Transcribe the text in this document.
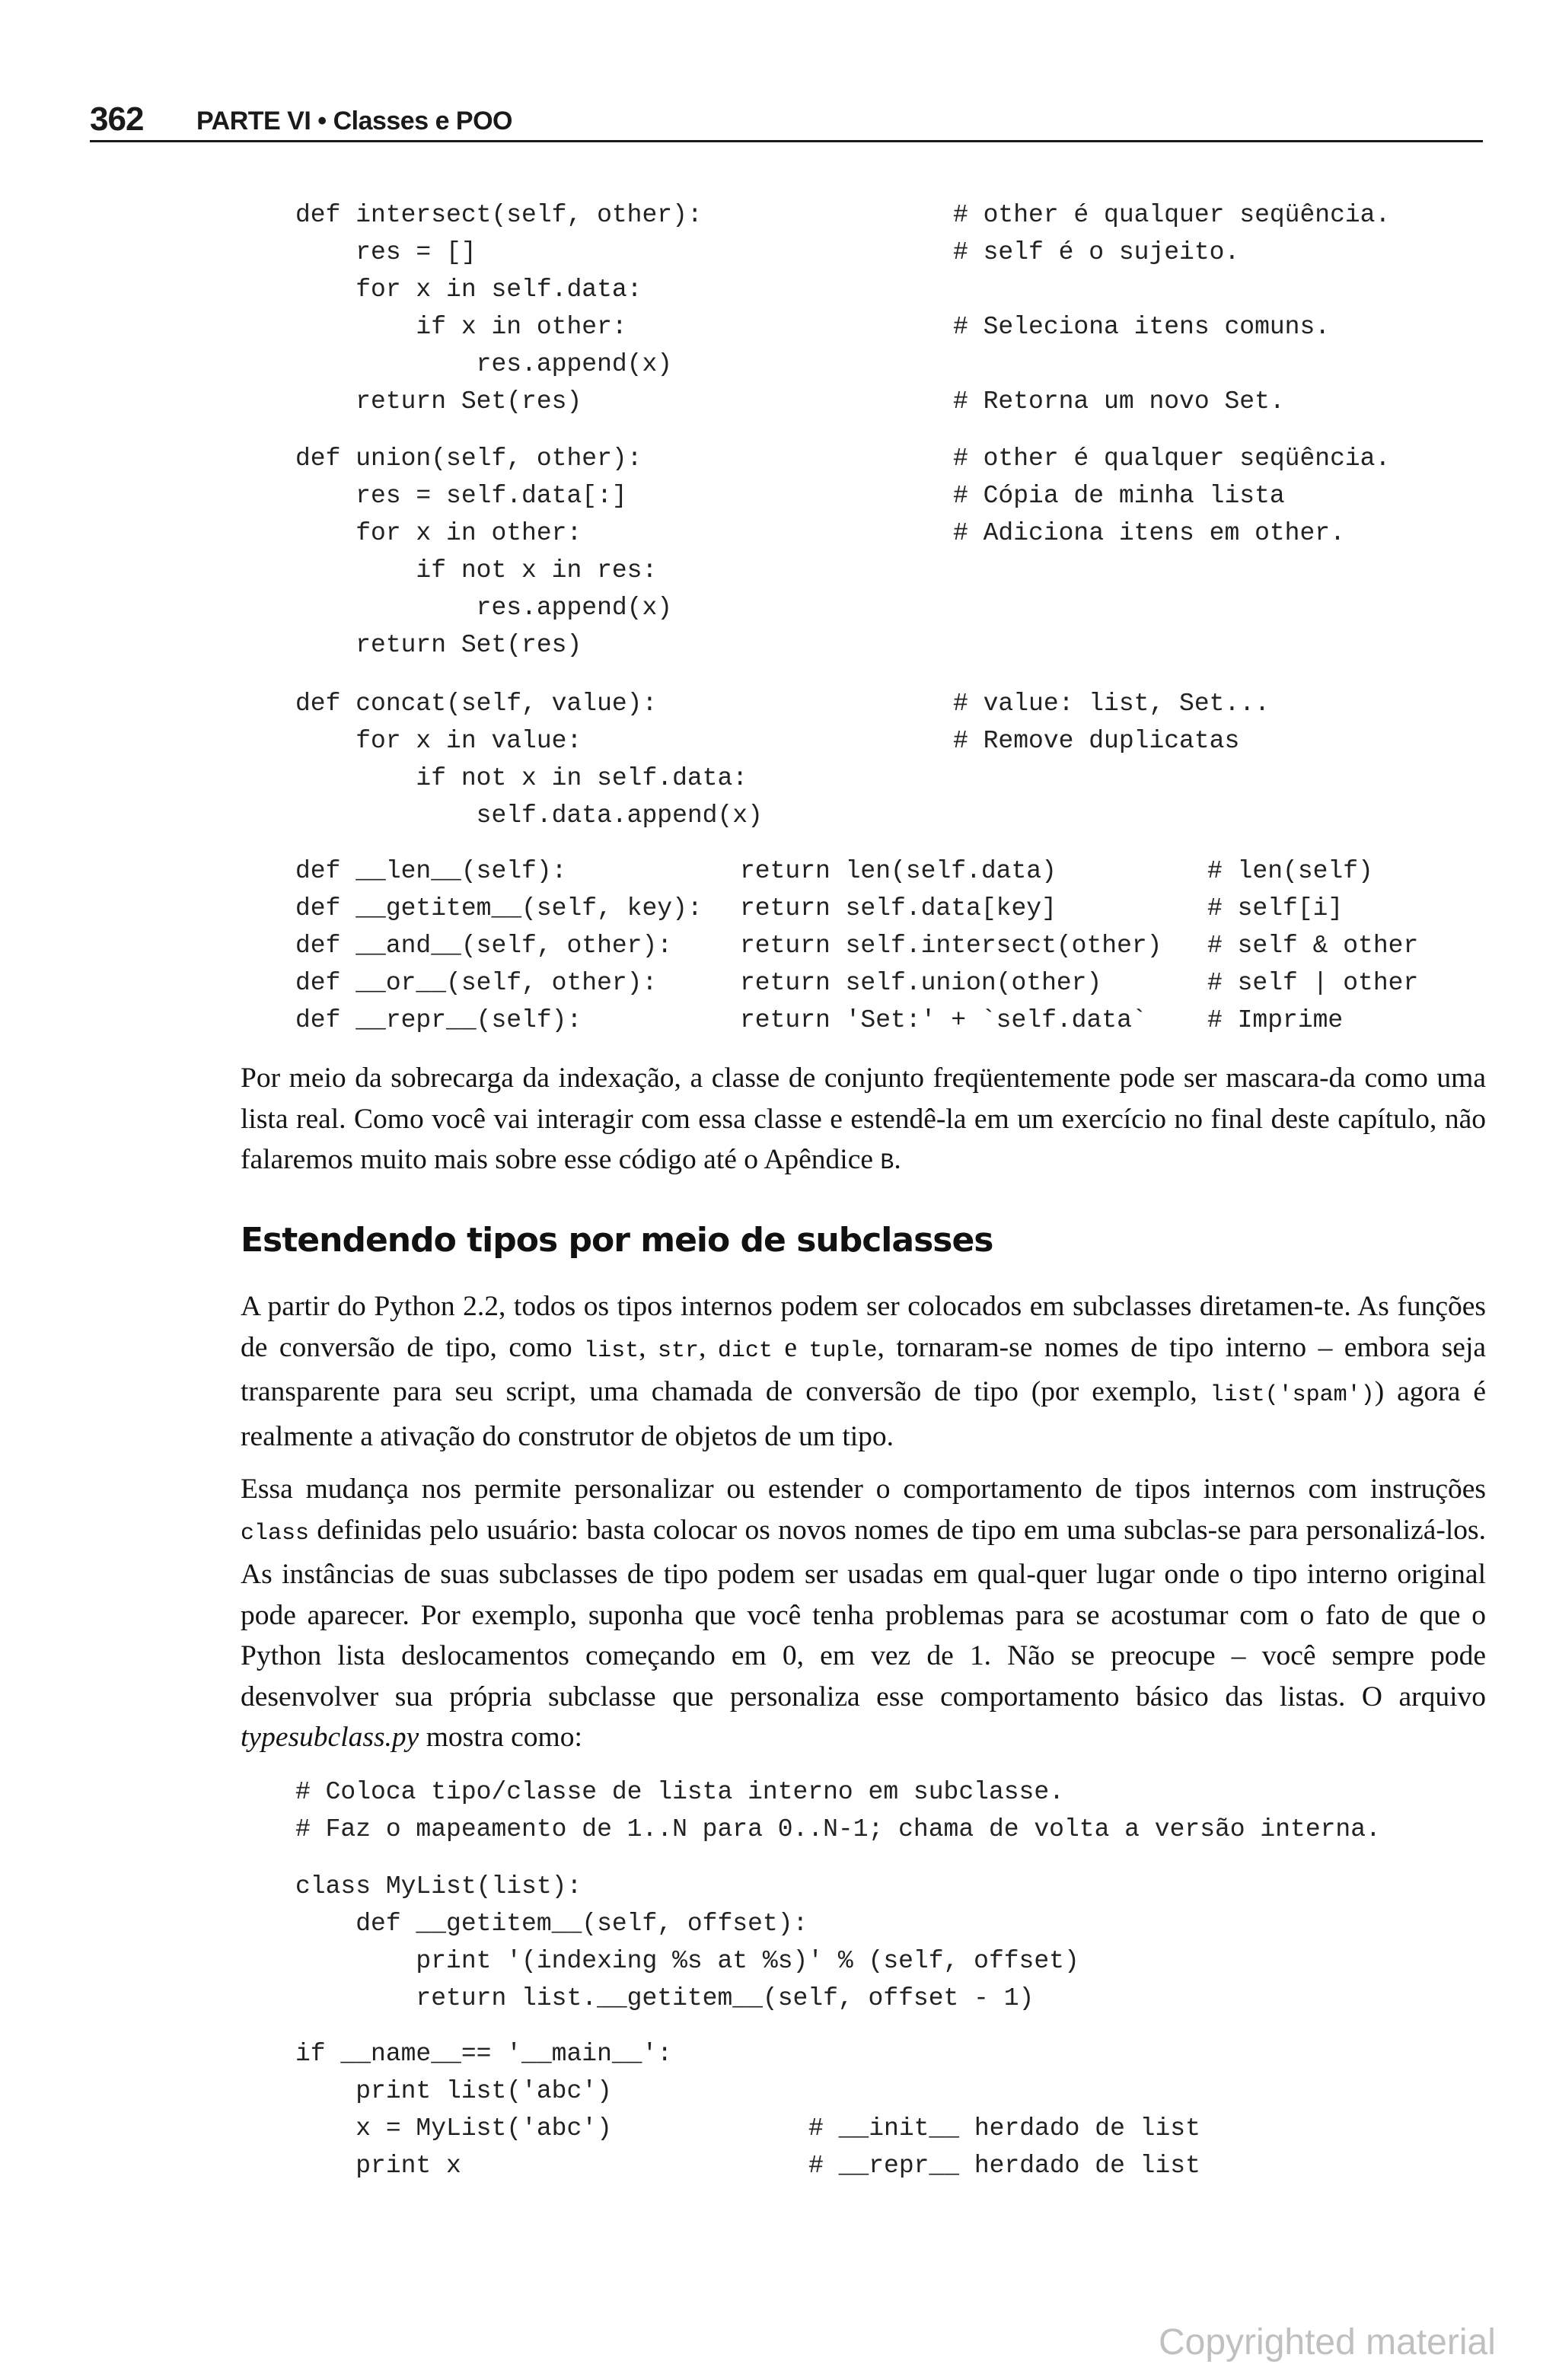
362 PARTE VI • Classes e POO
def intersect(self, other):
res = []
for x in self.data:
if x in other:
res.append(x)
return Set(res)
# other é qualquer seqüência.
# self é o sujeito.

# Seleciona itens comuns.

# Retorna um novo Set.
def union(self, other):
res = self.data[:]
for x in other:
if not x in res:
res.append(x)
return Set(res)
# other é qualquer seqüência.
# Cópia de minha lista
# Adiciona itens em other.
def concat(self, value):
for x in value:
if not x in self.data:
self.data.append(x)
# value: list, Set...
# Remove duplicatas
def __len__(self):
def __getitem__(self, key):
def __and__(self, other):
def __or__(self, other):
def __repr__(self):
return len(self.data)
return self.data[key]
return self.intersect(other)
return self.union(other)
return 'Set:' + `self.data`
# len(self)
# self[i]
# self & other
# self | other
# Imprime

Por meio da sobrecarga da indexação, a classe de conjunto freqüentemente pode ser mascara-da como uma lista real. Como você vai interagir com essa classe e estendê-la em um exercício no final deste capítulo, não falaremos muito mais sobre esse código até o Apêndice B.

Estendendo tipos por meio de subclasses

A partir do Python 2.2, todos os tipos internos podem ser colocados em subclasses diretamen-te. As funções de conversão de tipo, como list, str, dict e tuple, tornaram-se nomes de tipo interno – embora seja transparente para seu script, uma chamada de conversão de tipo (por exemplo, list('spam')) agora é realmente a ativação do construtor de objetos de um tipo.

Essa mudança nos permite personalizar ou estender o comportamento de tipos internos com instruções class definidas pelo usuário: basta colocar os novos nomes de tipo em uma subclas-se para personalizá-los. As instâncias de suas subclasses de tipo podem ser usadas em qual-quer lugar onde o tipo interno original pode aparecer. Por exemplo, suponha que você tenha problemas para se acostumar com o fato de que o Python lista deslocamentos começando em 0, em vez de 1. Não se preocupe – você sempre pode desenvolver sua própria subclasse que personaliza esse comportamento básico das listas. O arquivo typesubclass.py mostra como:

# Coloca tipo/classe de lista interno em subclasse.
# Faz o mapeamento de 1..N para 0..N-1; chama de volta a versão interna.
class MyList(list):
def __getitem__(self, offset):
print '(indexing %s at %s)' % (self, offset)
return list.__getitem__(self, offset - 1)
if __name__== '__main__':
print list('abc')
x = MyList('abc')
print x

# __init__ herdado de list
# __repr__ herdado de list
Copyrighted material
